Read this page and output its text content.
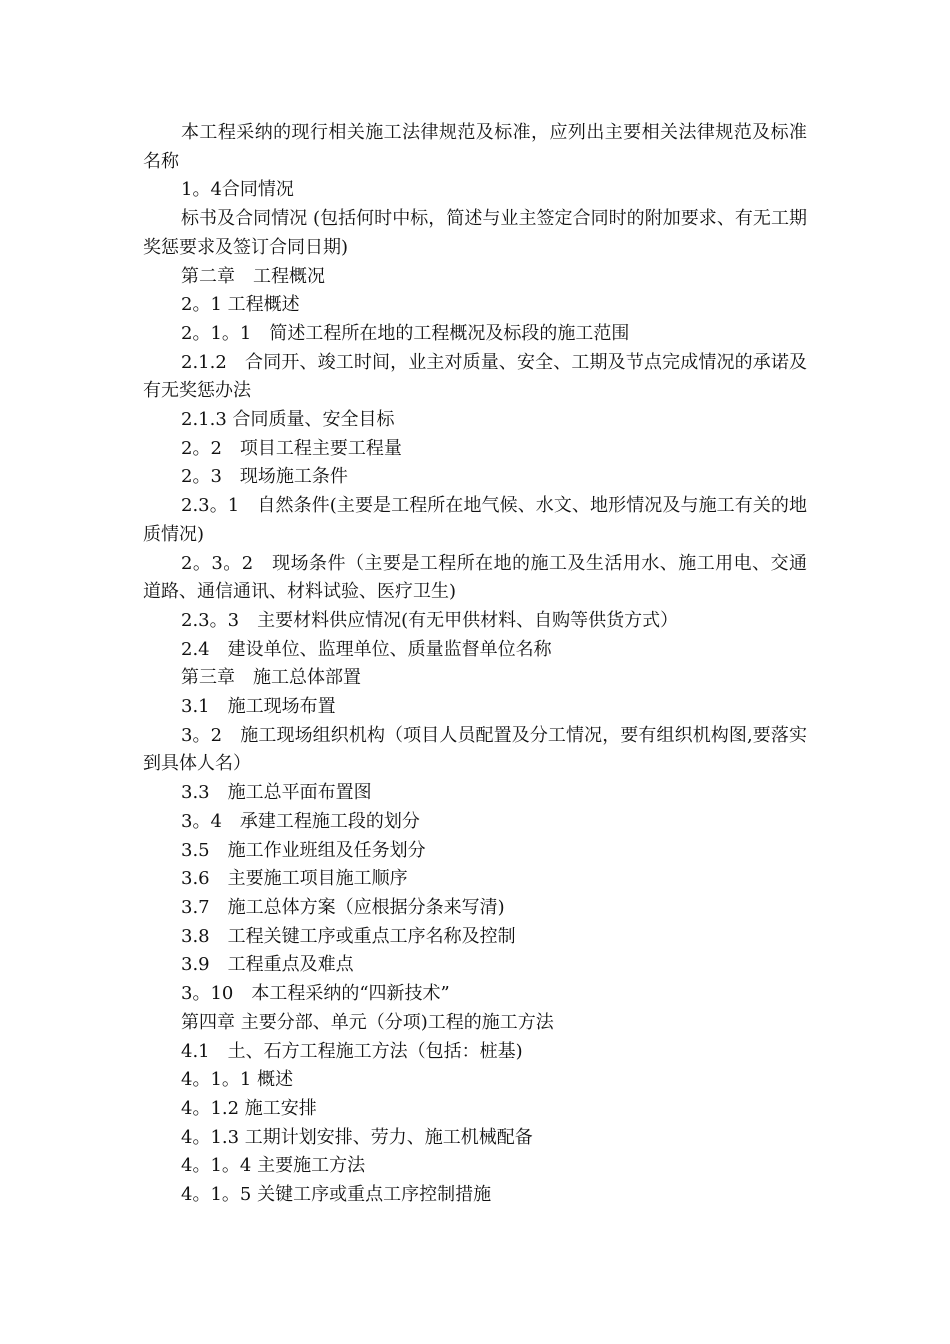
本工程采纳的现行相关施工法律规范及标准，应列出主要相关法律规范及标准名称

1。4合同情况

标书及合同情况 (包括何时中标，简述与业主签定合同时的附加要求、有无工期奖惩要求及签订合同日期)

第二章　工程概况

2。1 工程概述

2。1。1　简述工程所在地的工程概况及标段的施工范围

2.1.2　合同开、竣工时间，业主对质量、安全、工期及节点完成情况的承诺及有无奖惩办法

2.1.3 合同质量、安全目标

2。2　项目工程主要工程量

2。3　现场施工条件

2.3。1　自然条件(主要是工程所在地气候、水文、地形情况及与施工有关的地质情况)

2。3。2　现场条件（主要是工程所在地的施工及生活用水、施工用电、交通道路、通信通讯、材料试验、医疗卫生)

2.3。3　主要材料供应情况(有无甲供材料、自购等供货方式）

2.4　建设单位、监理单位、质量监督单位名称

第三章　施工总体部置

3.1　施工现场布置

3。2　施工现场组织机构（项目人员配置及分工情况，要有组织机构图,要落实到具体人名）

3.3　施工总平面布置图

3。4　承建工程施工段的划分

3.5　施工作业班组及任务划分

3.6　主要施工项目施工顺序

3.7　施工总体方案（应根据分条来写清)

3.8　工程关键工序或重点工序名称及控制

3.9　工程重点及难点

3。10　本工程采纳的“四新技术”

第四章 主要分部、单元（分项)工程的施工方法

4.1　土、石方工程施工方法（包括：桩基)

4。1。1 概述

4。1.2 施工安排

4。1.3 工期计划安排、劳力、施工机械配备

4。1。4 主要施工方法

4。1。5 关键工序或重点工序控制措施
